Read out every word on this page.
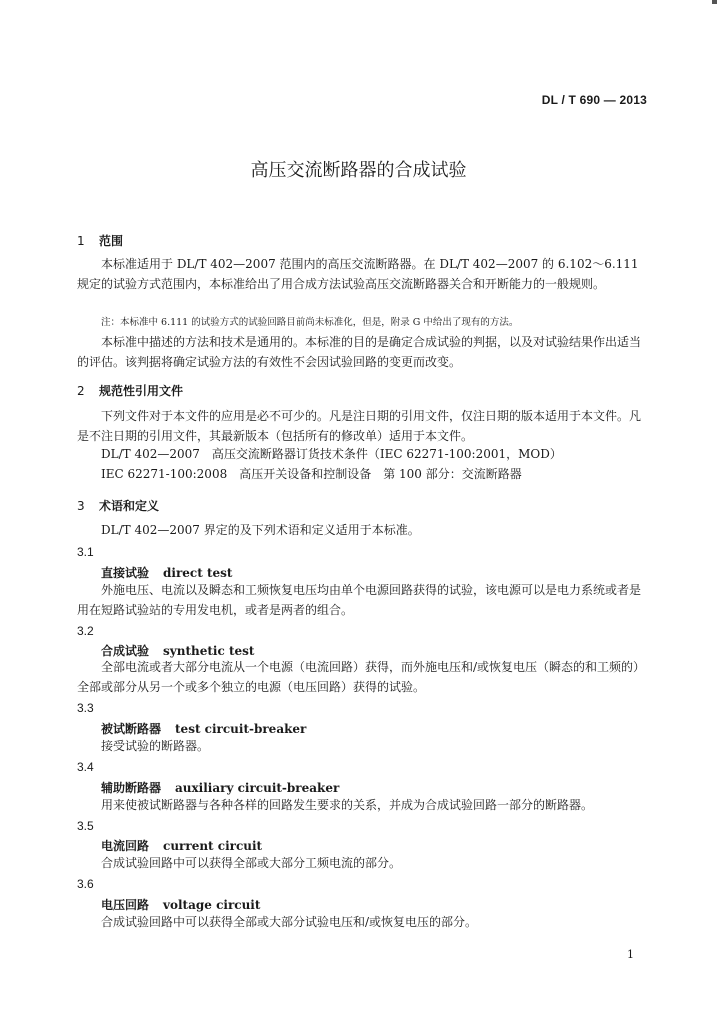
DL / T 690 — 2013
高压交流断路器的合成试验
1 范围
本标准适用于 DL/T 402—2007 范围内的高压交流断路器。在 DL/T 402—2007 的 6.102～6.111 规定的试验方式范围内，本标准给出了用合成方法试验高压交流断路器关合和开断能力的一般规则。
注：本标准中 6.111 的试验方式的试验回路目前尚未标准化，但是，附录 G 中给出了现有的方法。
本标准中描述的方法和技术是通用的。本标准的目的是确定合成试验的判据，以及对试验结果作出适当的评估。该判据将确定试验方法的有效性不会因试验回路的变更而改变。
2 规范性引用文件
下列文件对于本文件的应用是必不可少的。凡是注日期的引用文件，仅注日期的版本适用于本文件。凡是不注日期的引用文件，其最新版本（包括所有的修改单）适用于本文件。
DL/T 402—2007　高压交流断路器订货技术条件（IEC 62271-100:2001，MOD）
IEC 62271-100:2008　高压开关设备和控制设备　第 100 部分：交流断路器
3 术语和定义
DL/T 402—2007 界定的及下列术语和定义适用于本标准。
3.1
直接试验 direct test
外施电压、电流以及瞬态和工频恢复电压均由单个电源回路获得的试验，该电源可以是电力系统或者是用在短路试验站的专用发电机，或者是两者的组合。
3.2
合成试验 synthetic test
全部电流或者大部分电流从一个电源（电流回路）获得，而外施电压和/或恢复电压（瞬态的和工频的）全部或部分从另一个或多个独立的电源（电压回路）获得的试验。
3.3
被试断路器 test circuit-breaker
接受试验的断路器。
3.4
辅助断路器 auxiliary circuit-breaker
用来使被试断路器与各种各样的回路发生要求的关系，并成为合成试验回路一部分的断路器。
3.5
电流回路 current circuit
合成试验回路中可以获得全部或大部分工频电流的部分。
3.6
电压回路 voltage circuit
合成试验回路中可以获得全部或大部分试验电压和/或恢复电压的部分。
1
